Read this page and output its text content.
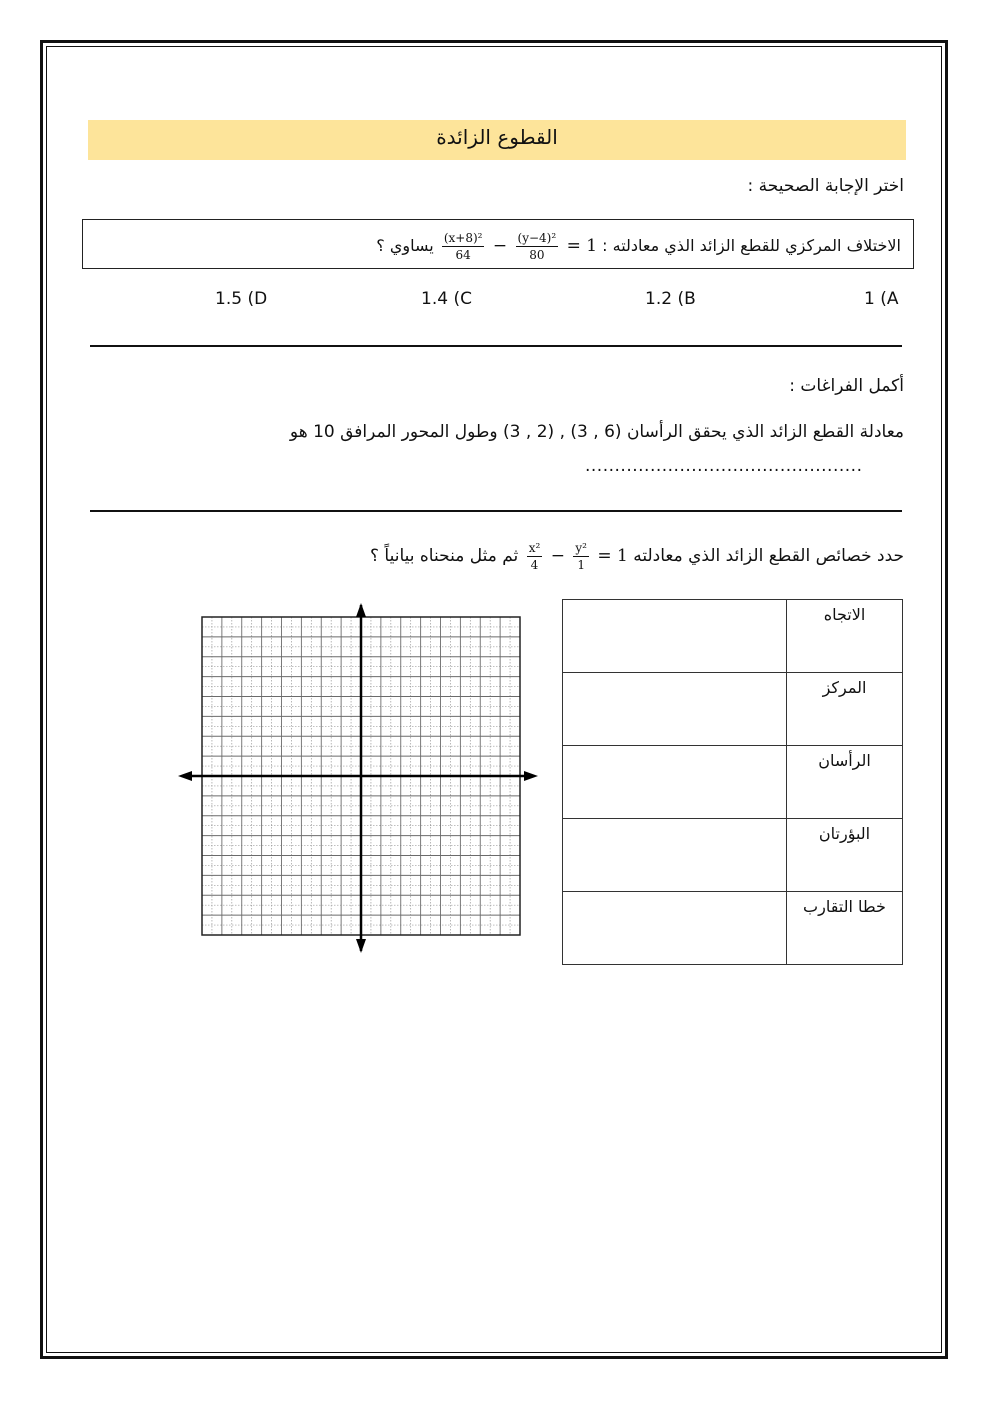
القطوع الزائدة
اختر الإجابة الصحيحة :
الاختلاف المركزي للقطع الزائد الذي معادلته :
$\frac{\text{(x+8)²}}{64} - \frac{\text{(y−4)²}}{80} = 1$ يساوي ؟
1 (A
1.2 (B
1.4 (C
1.5 (D
أكمل الفراغات :
معادلة القطع الزائد الذي يحقق الرأسان (6 , 3) , (2 , 3) وطول المحور المرافق 10 هو
...............................................
حدد خصائص القطع الزائد الذي معادلته
$\frac{\text{x²}}{4} - \frac{\text{y²}}{1} = 1$ ثم مثل منحناه بيانياً ؟
الاتجاه	
المركز	
الرأسان	
البؤرتان	
خطا التقارب	
